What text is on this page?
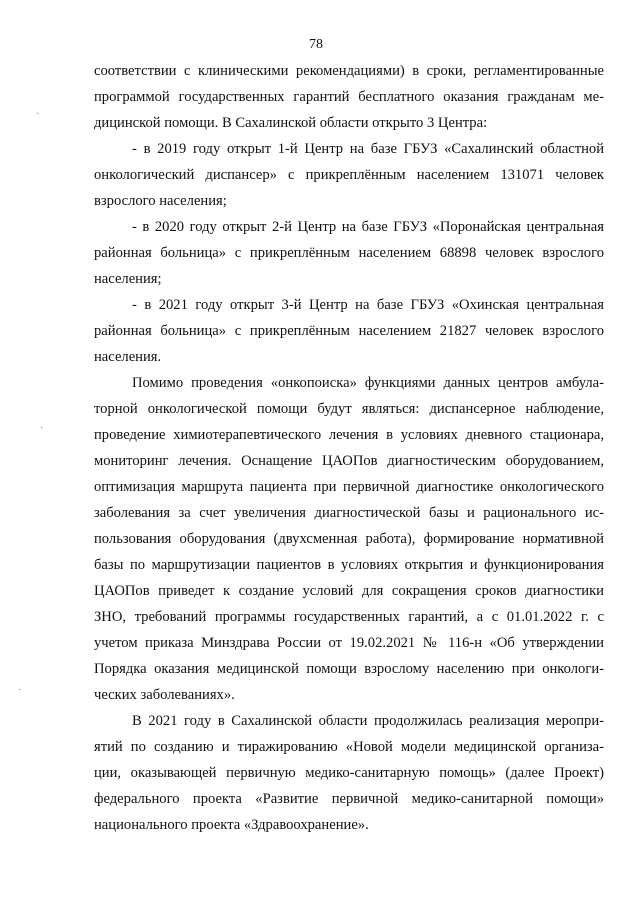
78
соответствии с клиническими рекомендациями) в сроки, регламентированные
программой государственных гарантий бесплатного оказания гражданам ме-
дицинской помощи. В Сахалинской области открыто 3 Центра:
- в 2019 году открыт 1-й Центр на базе ГБУЗ «Сахалинский областной
онкологический диспансер» с прикреплённым населением 131071 человек
взрослого населения;
- в 2020 году открыт 2-й Центр на базе ГБУЗ «Поронайская центральная
районная больница» с прикреплённым населением 68898 человек взрослого
населения;
- в 2021 году открыт 3-й Центр на базе ГБУЗ «Охинская центральная
районная больница» с прикреплённым населением 21827 человек взрослого
населения.
Помимо проведения «онкопоиска» функциями данных центров амбула-
торной онкологической помощи будут являться: диспансерное наблюдение,
проведение химиотерапевтического лечения в условиях дневного стационара,
мониторинг лечения. Оснащение ЦАОПов диагностическим оборудованием,
оптимизация маршрута пациента при первичной диагностике онкологического
заболевания за счет увеличения диагностической базы и рационального ис-
пользования оборудования (двухсменная работа), формирование нормативной
базы по маршрутизации пациентов в условиях открытия и функционирования
ЦАОПов приведет к создание условий для сокращения сроков диагностики
ЗНО, требований программы государственных гарантий, а с 01.01.2022 г. с
учетом приказа Минздрава России от 19.02.2021 № 116-н «Об утверждении
Порядка оказания медицинской помощи взрослому населению при онкологи-
ческих заболеваниях».
В 2021 году в Сахалинской области продолжилась реализация меропри-
ятий по созданию и тиражированию «Новой модели медицинской организа-
ции, оказывающей первичную медико-санитарную помощь» (далее Проект)
федерального проекта «Развитие первичной медико-санитарной помощи»
национального проекта «Здравоохранение».
·
·
·
